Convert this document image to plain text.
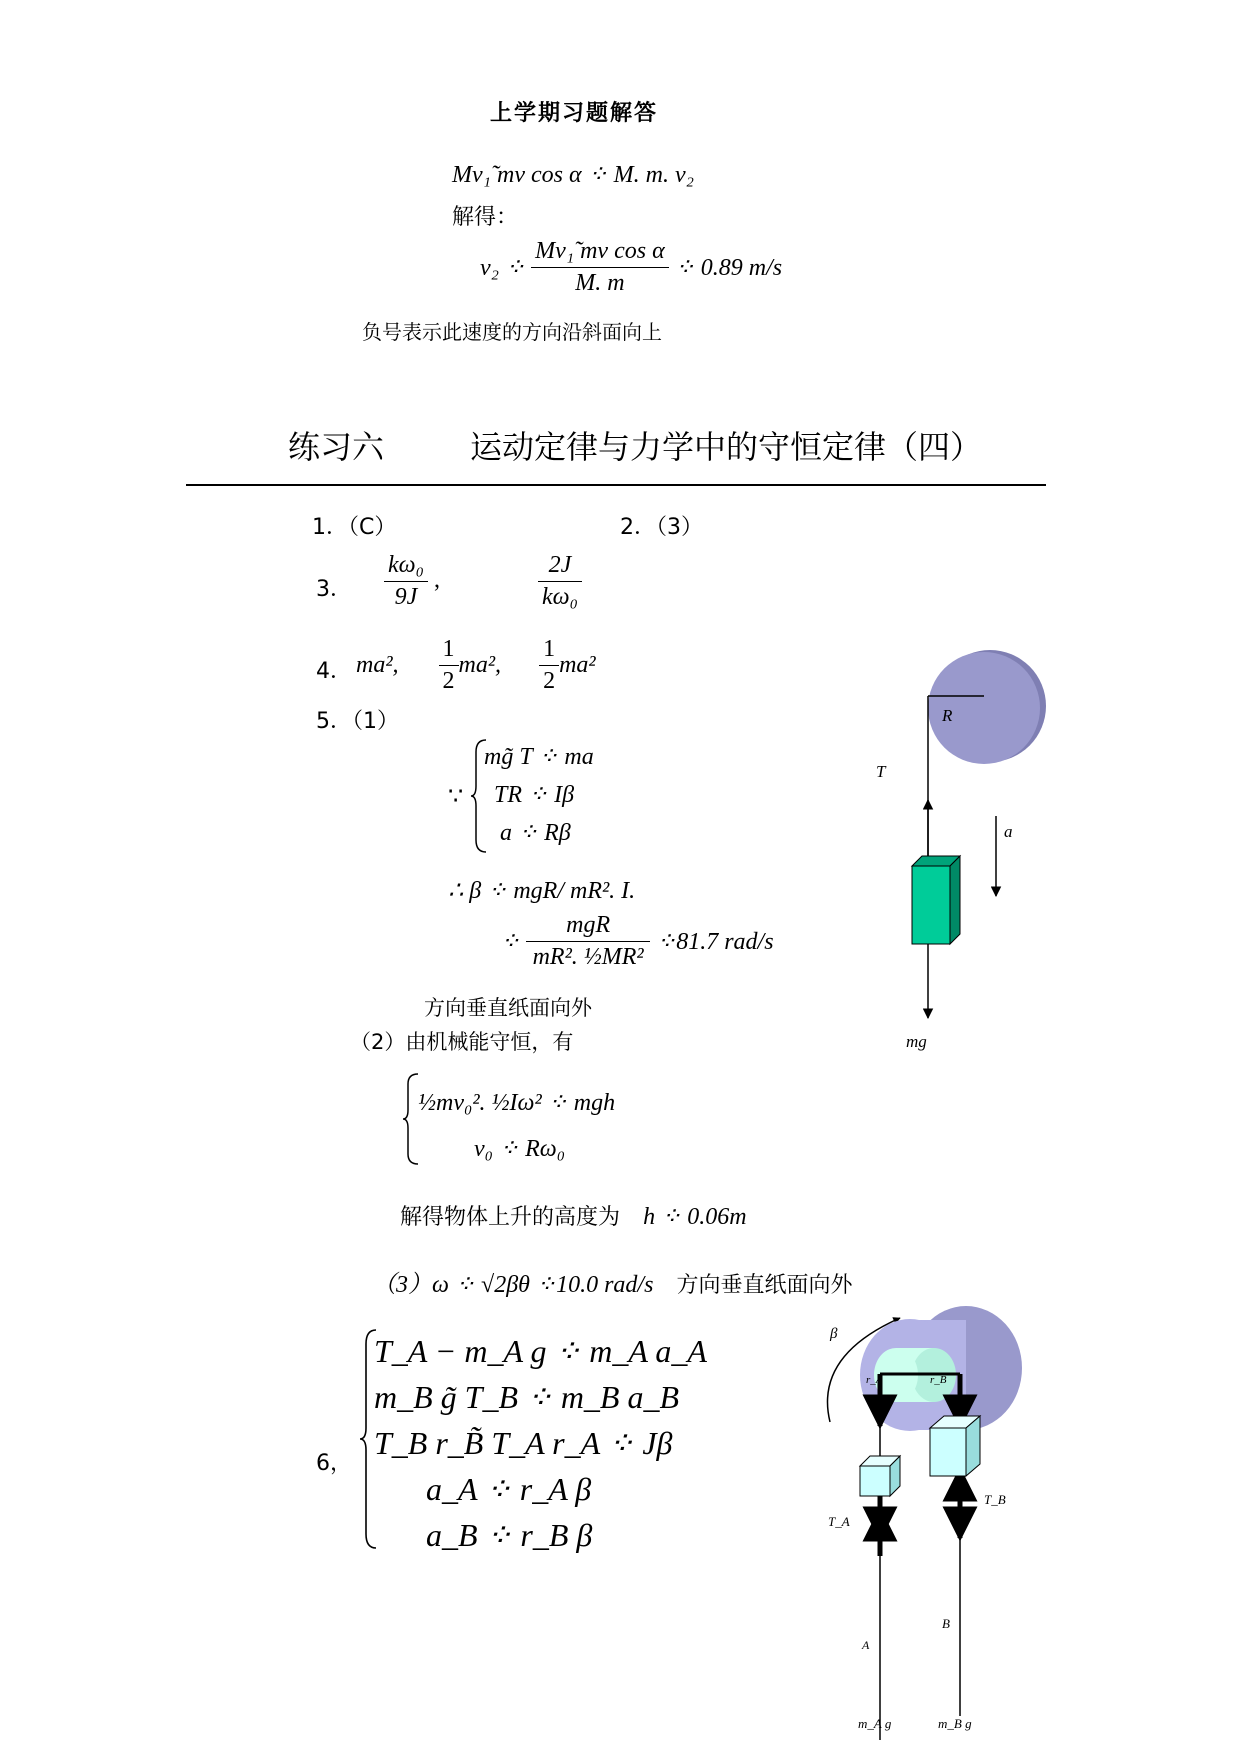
上学期习题解答
Mv₁̃ mv cos α ⁘ M. m. v₂
解得：
v₂ ⁘ $\frac{\text{Mv₁̃ mv cos α}}{M. m}$ ⁘ 0.89 m/s
负号表示此速度的方向沿斜面向上
练习六	运动定律与力学中的守恒定律（四）
1．（C）	2．（3）
3． $\frac{\text{kω₀}}{9J}$ ,	$\frac{2J}{\text{kω₀}}$
4． ma², $\frac{1}{2} ma^2$, $\frac{1}{2} ma^2$
5．（1）
∵
mg̃ T ⁘ ma
TR ⁘ Iβ
a ⁘ Rβ
∴ β ⁘ mgR/ mR². I.
⁘ $\frac{\text{mgR}}{\text{mR². ½MR²}}$ ⁘81.7 rad/s
方向垂直纸面向外
（2）由机械能守恒，有
½mv₀². ½Iω² ⁘ mgh
v₀ ⁘ Rω₀
解得物体上升的高度为 h ⁘ 0.06m
（3）ω ⁘ √2βθ ⁘10.0 rad/s 方向垂直纸面向外
6，
T_A − m_A g ⁘ m_A a_A
m_B g̃ T_B ⁘ m_B a_B
T_B r_B̃ T_A r_A ⁘ Jβ
a_A ⁘ r_A β
a_B ⁘ r_B β
R
T
a
mg
β
r_A	r_B
T_A
T_B
A
B
m_A g	m_B g
